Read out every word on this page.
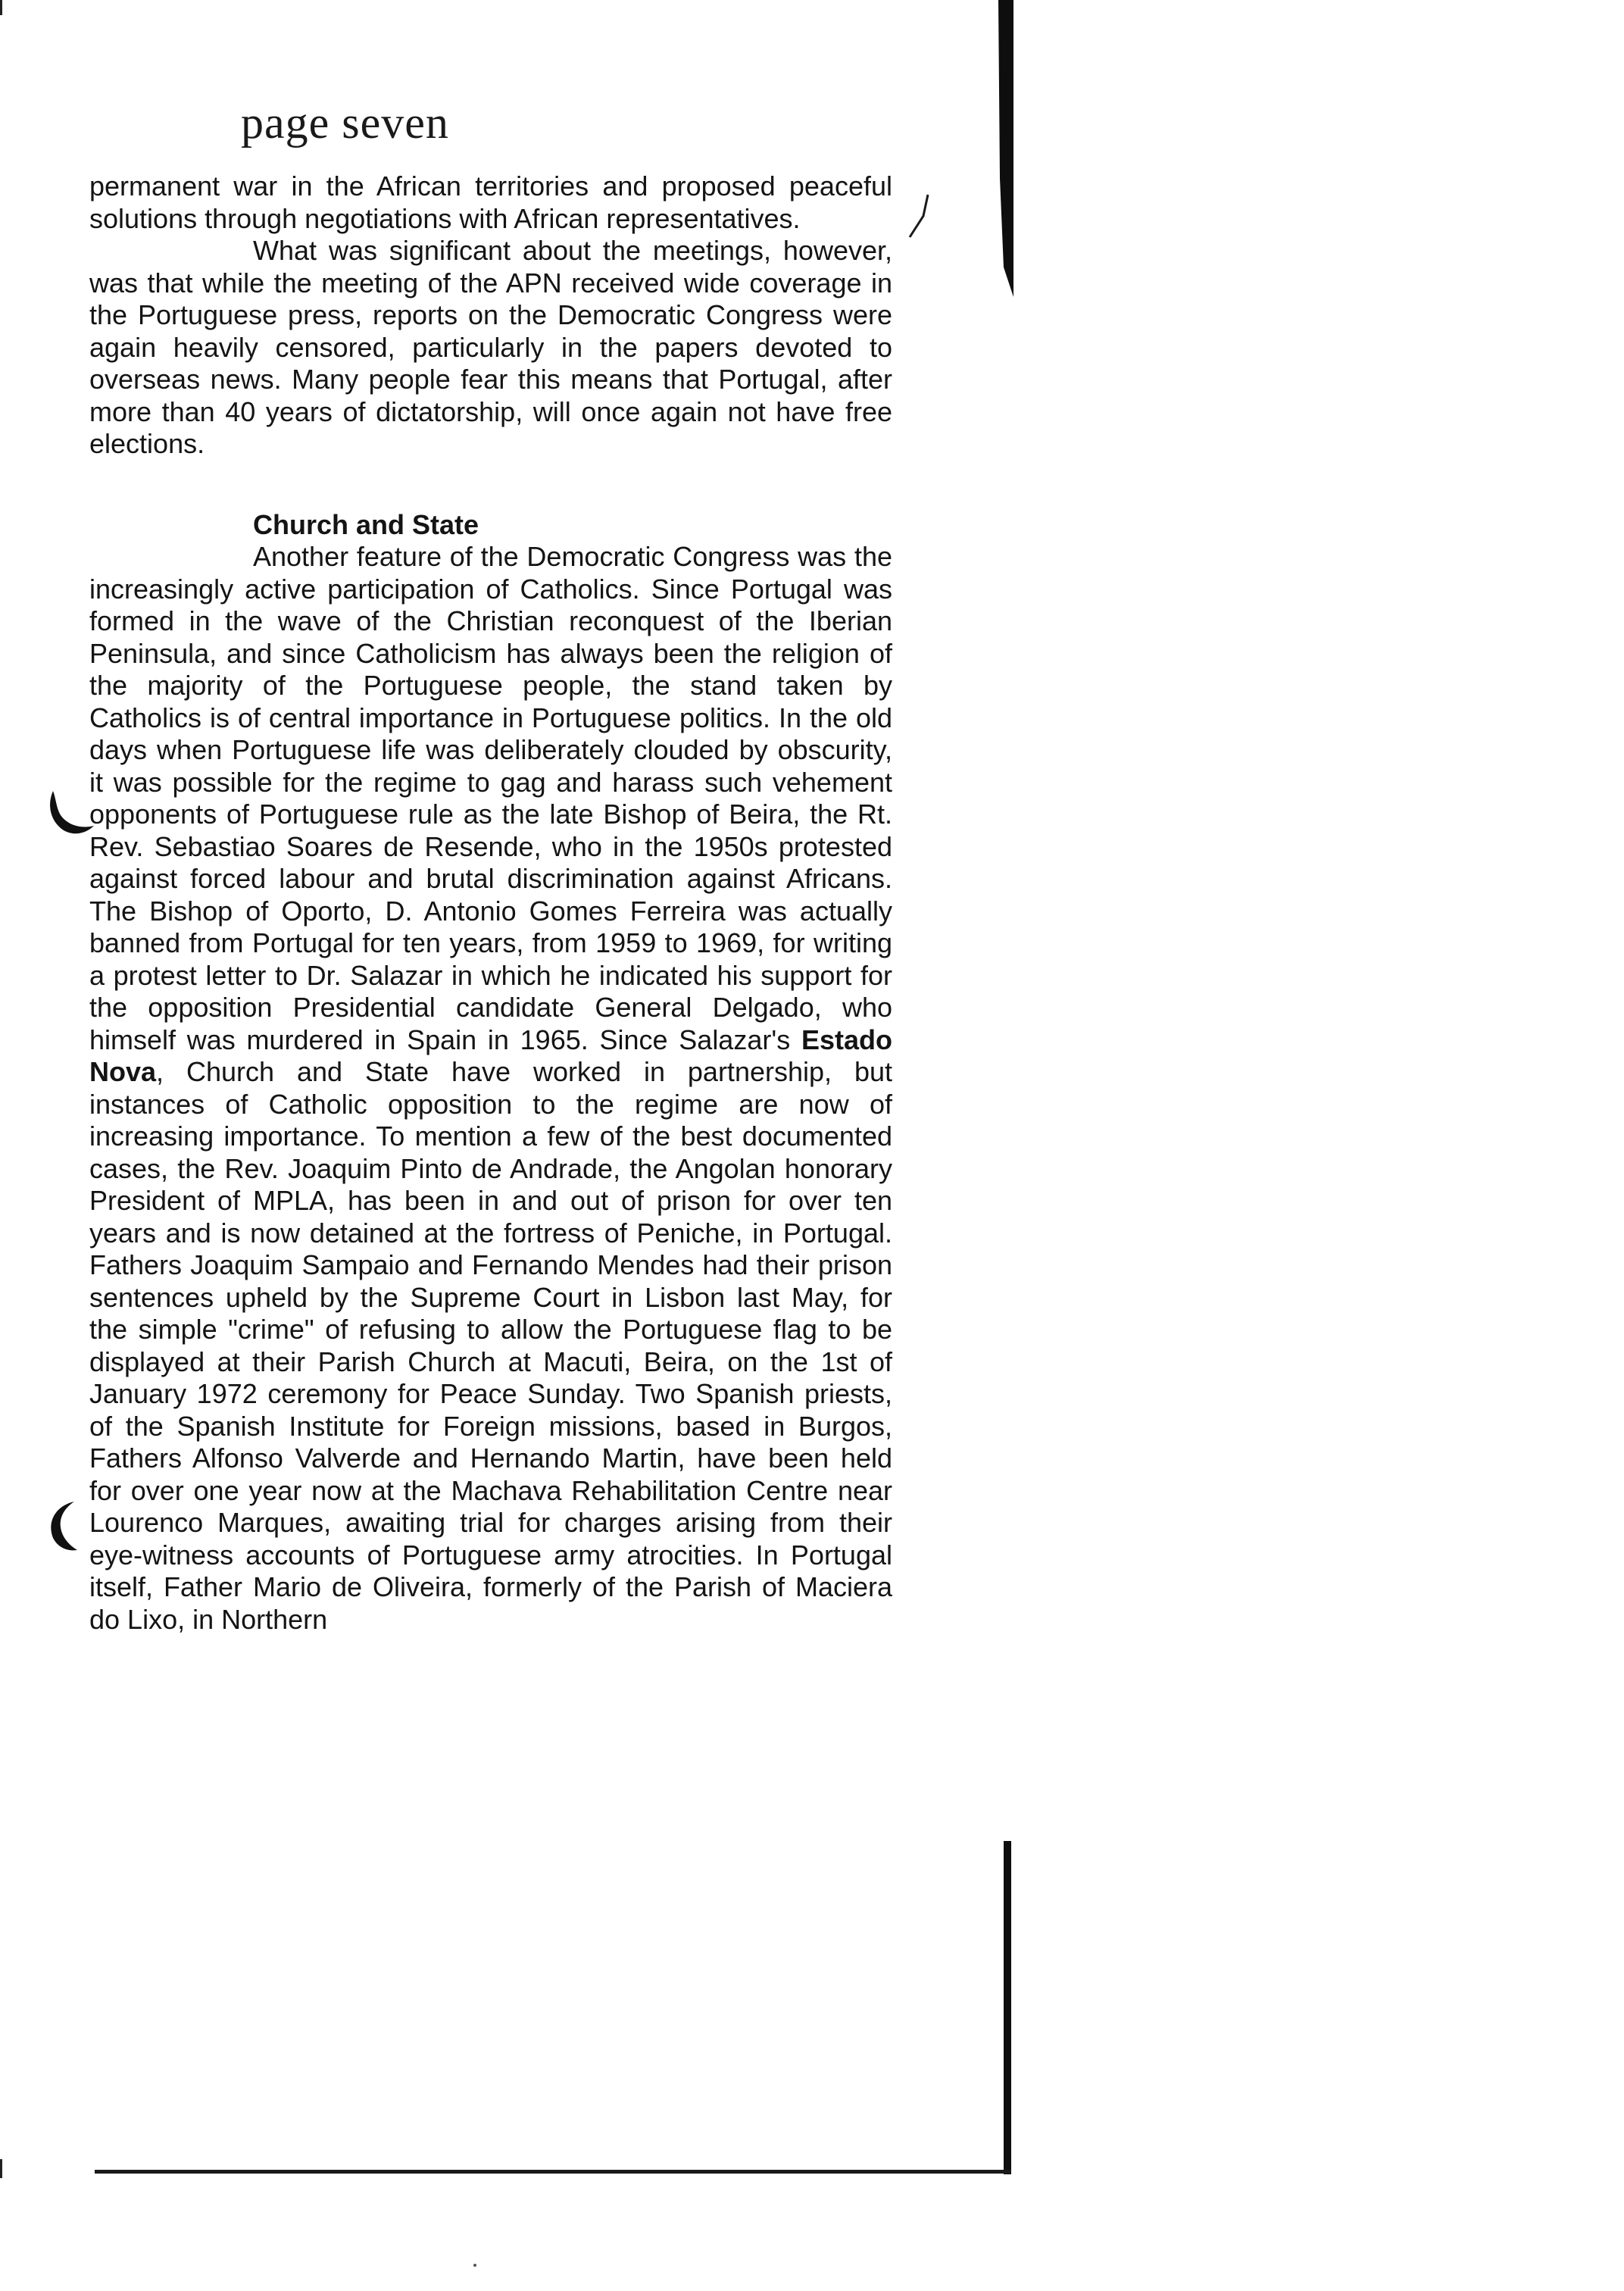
page seven

permanent war in the African territories and proposed peaceful solutions through negotiations with African representatives.

What was significant about the meetings, however, was that while the meeting of the APN received wide coverage in the Portuguese press, reports on the Democratic Congress were again heavily censored, particularly in the papers devoted to overseas news. Many people fear this means that Portugal, after more than 40 years of dictatorship, will once again not have free elections.

Church and State

Another feature of the Democratic Congress was the increasingly active participation of Catholics. Since Portugal was formed in the wave of the Christian reconquest of the Iberian Peninsula, and since Catholicism has always been the religion of the majority of the Portuguese people, the stand taken by Catholics is of central importance in Portuguese politics. In the old days when Portuguese life was deliberately clouded by obscurity, it was possible for the regime to gag and harass such vehement opponents of Portuguese rule as the late Bishop of Beira, the Rt. Rev. Sebastiao Soares de Resende, who in the 1950s protested against forced labour and brutal discrimination against Africans. The Bishop of Oporto, D. Antonio Gomes Ferreira was actually banned from Portugal for ten years, from 1959 to 1969, for writing a protest letter to Dr. Salazar in which he indicated his support for the opposition Presidential candidate General Delgado, who himself was murdered in Spain in 1965. Since Salazar's Estado Nova, Church and State have worked in partnership, but instances of Catholic opposition to the regime are now of increasing importance. To mention a few of the best documented cases, the Rev. Joaquim Pinto de Andrade, the Angolan honorary President of MPLA, has been in and out of prison for over ten years and is now detained at the fortress of Peniche, in Portugal. Fathers Joaquim Sampaio and Fernando Mendes had their prison sentences upheld by the Supreme Court in Lisbon last May, for the simple "crime" of refusing to allow the Portuguese flag to be displayed at their Parish Church at Macuti, Beira, on the 1st of January 1972 ceremony for Peace Sunday. Two Spanish priests, of the Spanish Institute for Foreign missions, based in Burgos, Fathers Alfonso Valverde and Hernando Martin, have been held for over one year now at the Machava Rehabilitation Centre near Lourenco Marques, awaiting trial for charges arising from their eye-witness accounts of Portuguese army atrocities. In Portugal itself, Father Mario de Oliveira, formerly of the Parish of Maciera do Lixo, in Northern
